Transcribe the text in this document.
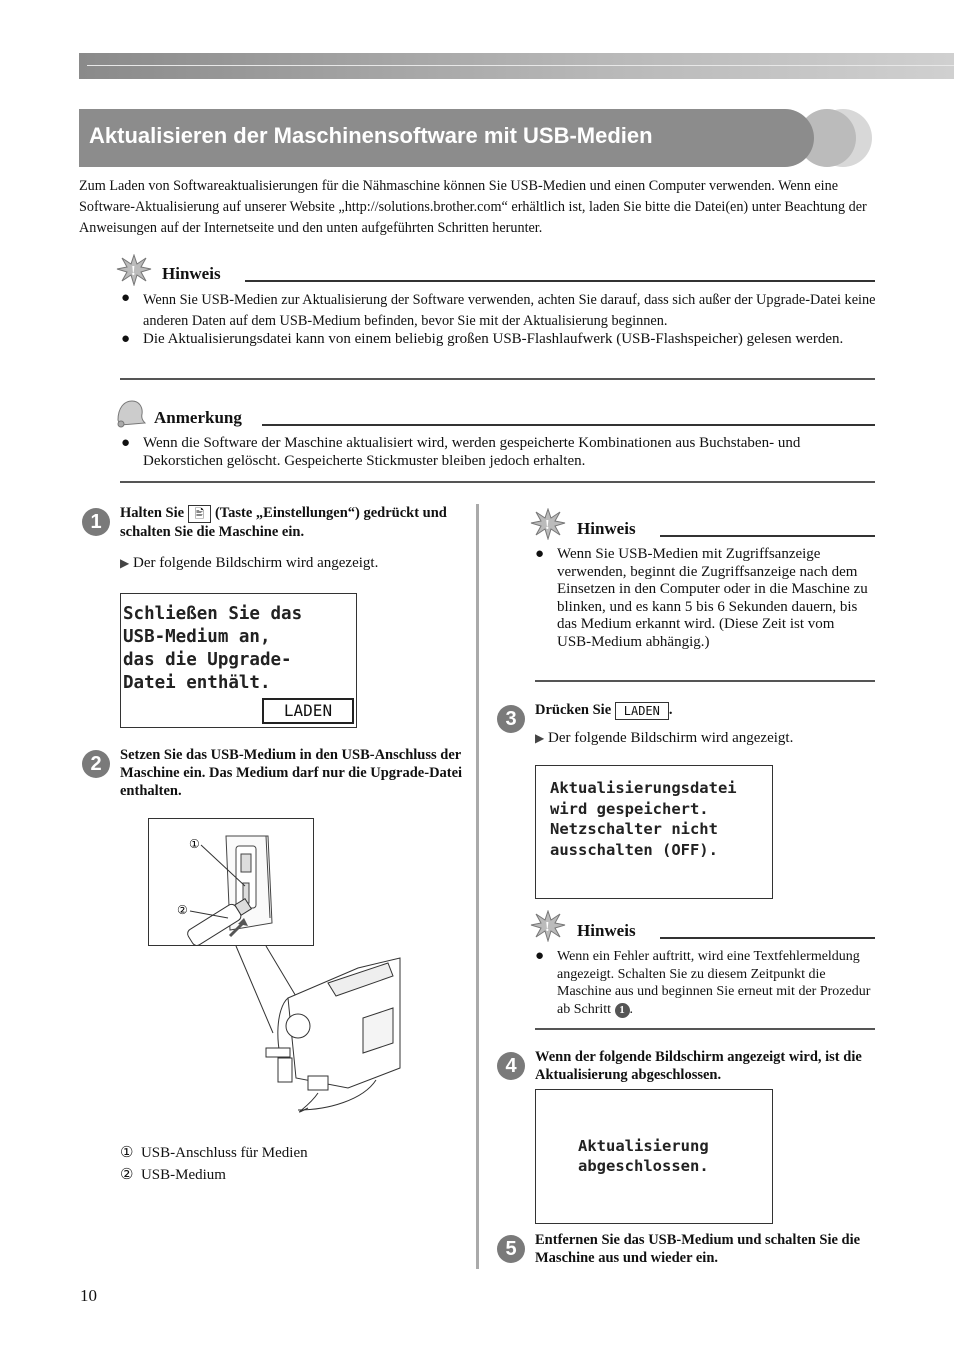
Aktualisieren der Maschinensoftware mit USB-Medien
Zum Laden von Softwareaktualisierungen für die Nähmaschine können Sie USB-Medien und einen Computer verwenden. Wenn eine Software-Aktualisierung auf unserer Website „http://solutions.brother.com“ erhältlich ist, laden Sie bitte die Datei(en) unter Beachtung der Anweisungen auf der Internetseite und den unten aufgeführten Schritten herunter.
! Hinweis
● Wenn Sie USB-Medien zur Aktualisierung der Software verwenden, achten Sie darauf, dass sich außer der Upgrade-Datei keine anderen Daten auf dem USB-Medium befinden, bevor Sie mit der Aktualisierung beginnen.
● Die Aktualisierungsdatei kann von einem beliebig großen USB-Flashlaufwerk (USB-Flashspeicher) gelesen werden.
Anmerkung
● Wenn die Software der Maschine aktualisiert wird, werden gespeicherte Kombinationen aus Buchstaben- und Dekorstichen gelöscht. Gespeicherte Stickmuster bleiben jedoch erhalten.
1	Halten Sie 🖹 (Taste „Einstellungen“) gedrückt und schalten Sie die Maschine ein.
▶ Der folgende Bildschirm wird angezeigt.
Schließen Sie das
USB-Medium an,
das die Upgrade-
Datei enthält.
LADEN
2	Setzen Sie das USB-Medium in den USB-Anschluss der Maschine ein. Das Medium darf nur die Upgrade-Datei enthalten.
①
②
① USB-Anschluss für Medien
② USB-Medium
! Hinweis
● Wenn Sie USB-Medien mit Zugriffsanzeige verwenden, beginnt die Zugriffsanzeige nach dem Einsetzen in den Computer oder in die Maschine zu blinken, und es kann 5 bis 6 Sekunden dauern, bis das Medium erkannt wird. (Diese Zeit ist vom USB-Medium abhängig.)
3	Drücken Sie LADEN .
▶ Der folgende Bildschirm wird angezeigt.
Aktualisierungsdatei
wird gespeichert.
Netzschalter nicht
ausschalten (OFF).
! Hinweis
● Wenn ein Fehler auftritt, wird eine Textfehlermeldung angezeigt. Schalten Sie zu diesem Zeitpunkt die Maschine aus und beginnen Sie erneut mit der Prozedur ab Schritt 1 .
4	Wenn der folgende Bildschirm angezeigt wird, ist die Aktualisierung abgeschlossen.
Aktualisierung
abgeschlossen.
5	Entfernen Sie das USB-Medium und schalten Sie die Maschine aus und wieder ein.
10
